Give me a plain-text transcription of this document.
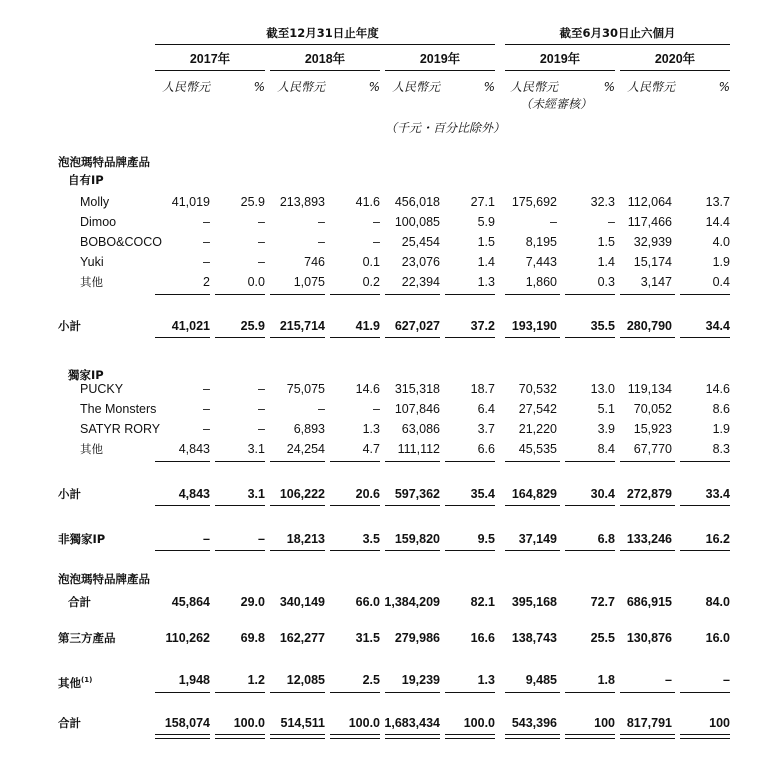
截至12月31日止年度	截至6月30日止六個月
2017年	2018年	2019年	2019年	2020年
人民幣元	% 人民幣元	% 人民幣元	% 人民幣元	% 人民幣元	%
（未經審核）
（千元・百分比除外）
泡泡瑪特品牌產品
自有IP
Molly	41,019	25.9	213,893	41.6	456,018	27.1	175,692	32.3	112,064	13.7
Dimoo	–	–	–	–	100,085	5.9	–	–	117,466	14.4
BOBO&COCO	–	–	–	–	25,454	1.5	8,195	1.5	32,939	4.0
Yuki	–	–	746	0.1	23,076	1.4	7,443	1.4	15,174	1.9
其他	2	0.0	1,075	0.2	22,394	1.3	1,860	0.3	3,147	0.4
小計	41,021	25.9	215,714	41.9	627,027	37.2	193,190	35.5 280,790	34.4
獨家IP
PUCKY	–	–	75,075	14.6	315,318	18.7	70,532	13.0	119,134	14.6
The Monsters	–	–	–	–	107,846	6.4	27,542	5.1	70,052	8.6
SATYR RORY	–	–	6,893	1.3	63,086	3.7	21,220	3.9	15,923	1.9
其他	4,843	3.1	24,254	4.7	111,112	6.6	45,535	8.4	67,770	8.3
小計	4,843	3.1	106,222	20.6	597,362	35.4	164,829	30.4 272,879	33.4
非獨家IP	–	–	18,213	3.5	159,820	9.5	37,149	6.8 133,246	16.2
泡泡瑪特品牌產品
合計	45,864	29.0	340,149	66.0 1,384,209	82.1	395,168	72.7 686,915	84.0
第三方產品	110,262	69.8	162,277	31.5	279,986	16.6	138,743	25.5 130,876	16.0
其他$^{(1)}$	1,948	1.2	12,085	2.5	19,239	1.3	9,485	1.8	–	–
合計	158,074	100.0	514,511	100.0 1,683,434	100.0	543,396	100 817,791	100
